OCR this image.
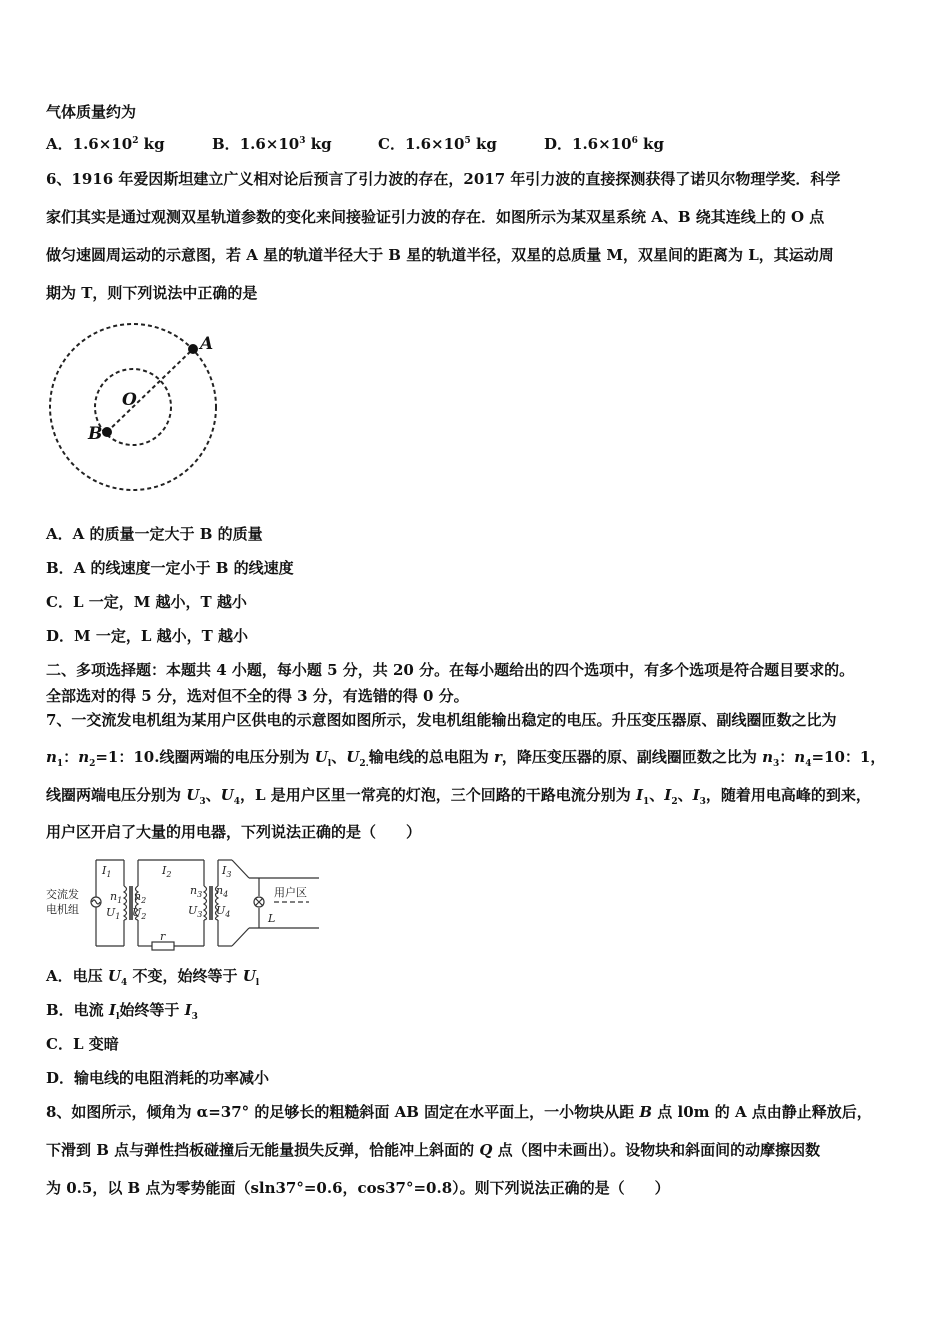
气体质量约为
A．$1.6\times 10^2$ kg	B．$1.6\times 10^3$ kg	C．$1.6\times 10^5$ kg	D．$1.6\times 10^6$ kg
6、1916 年爱因斯坦建立广义相对论后预言了引力波的存在，2017 年引力波的直接探测获得了诺贝尔物理学奖．科学
家们其实是通过观测双星轨道参数的变化来间接验证引力波的存在．如图所示为某双星系统 A、B 绕其连线上的 O 点
做匀速圆周运动的示意图，若 A 星的轨道半径大于 B 星的轨道半径，双星的总质量 M，双星间的距离为 L，其运动周
期为 T，则下列说法中正确的是
A
B
O
A．A 的质量一定大于 B 的质量
B．A 的线速度一定小于 B 的线速度
C．L 一定，M 越小，T 越小
D．M 一定，L 越小，T 越小
二、多项选择题：本题共 4 小题，每小题 5 分，共 20 分。在每小题给出的四个选项中，有多个选项是符合题目要求的。
全部选对的得 5 分，选对但不全的得 3 分，有选错的得 0 分。
7、一交流发电机组为某用户区供电的示意图如图所示，发电机组能输出稳定的电压。升压变压器原、副线圈匝数之比为
$n_1$：$n_2=1$：10.线圈两端的电压分别为 $U_l$、$U_{2.}$输电线的总电阻为 r，降压变压器的原、副线圈匝数之比为 $n_3$：$n_4=10$：1，
线圈两端电压分别为 $U_3$、$U_4$，L 是用户区里一常亮的灯泡，三个回路的干路电流分别为 $I_1$、$I_2$、$I_3$，随着用电高峰的到来，
用户区开启了大量的用电器，下列说法正确的是（　　）
交流发
电机组
用户区
$I_1$	$I_2$	$I_3$
$n_1$ $n_2$
$n_3$ $n_4$
$U_1$ $U_2$	$U_3$ $U_4$
r
L
A．电压 $U_4$ 不变，始终等于 $U_l$
B．电流 $I_l$始终等于 $I_3$
C．L 变暗
D．输电线的电阻消耗的功率减小
8、如图所示，倾角为 α=37° 的足够长的粗糙斜面 AB 固定在水平面上，一小物块从距 B 点 l0m 的 A 点由静止释放后，
下滑到 B 点与弹性挡板碰撞后无能量损失反弹，恰能冲上斜面的 Q 点（图中未画出）。设物块和斜面间的动摩擦因数
为 0.5，以 B 点为零势能面（sln37°=0.6，cos37°=0.8）。则下列说法正确的是（　　）
